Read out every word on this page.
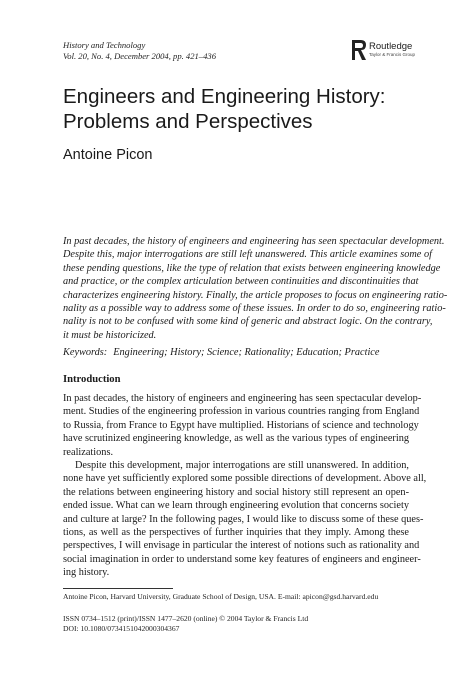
History and Technology
Vol. 20, No. 4, December 2004, pp. 421–436
Routledge
Taylor & Francis Group
Engineers and Engineering History:
Problems and Perspectives
Antoine Picon
In past decades, the history of engineers and engineering has seen spectacular development.
Despite this, major interrogations are still left unanswered. This article examines some of
these pending questions, like the type of relation that exists between engineering knowledge
and practice, or the complex articulation between continuities and discontinuities that
characterizes engineering history. Finally, the article proposes to focus on engineering ratio-
nality as a possible way to address some of these issues. In order to do so, engineering ratio-
nality is not to be confused with some kind of generic and abstract logic. On the contrary,
it must be historicized.
Keywords: Engineering; History; Science; Rationality; Education; Practice
Introduction
In past decades, the history of engineers and engineering has seen spectacular develop-
ment. Studies of the engineering profession in various countries ranging from England
to Russia, from France to Egypt have multiplied. Historians of science and technology
have scrutinized engineering knowledge, as well as the various types of engineering
realizations.
Despite this development, major interrogations are still unanswered. In addition,
none have yet sufficiently explored some possible directions of development. Above all,
the relations between engineering history and social history still represent an open-
ended issue. What can we learn through engineering evolution that concerns society
and culture at large? In the following pages, I would like to discuss some of these ques-
tions, as well as the perspectives of further inquiries that they imply. Among these
perspectives, I will envisage in particular the interest of notions such as rationality and
social imagination in order to understand some key features of engineers and engineer-
ing history.
Antoine Picon, Harvard University, Graduate School of Design, USA. E-mail: apicon@gsd.harvard.edu
ISSN 0734–1512 (print)/ISSN 1477–2620 (online) © 2004 Taylor & Francis Ltd
DOI: 10.1080/0734151042000304367
